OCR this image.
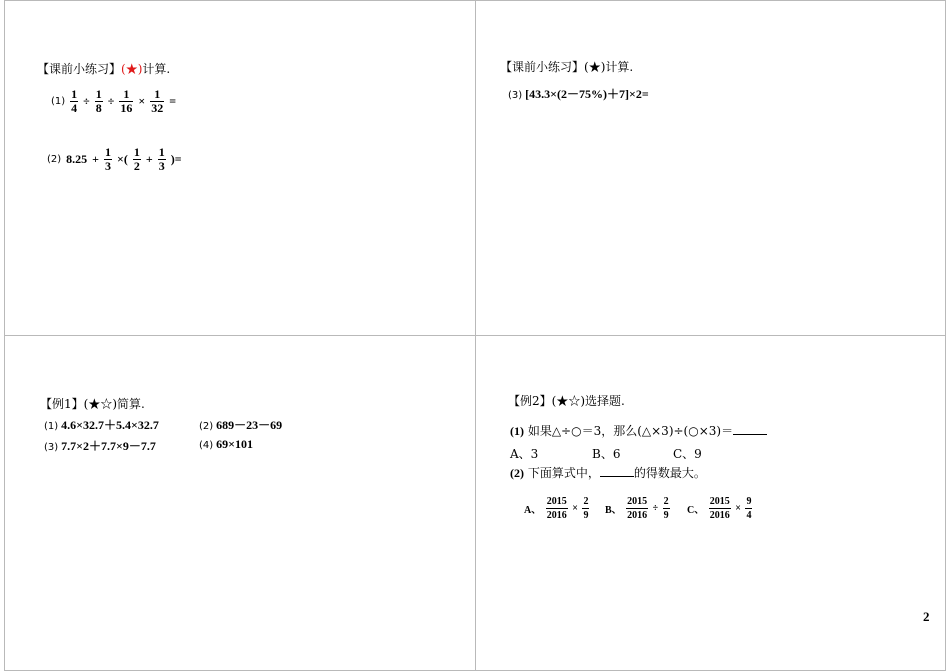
【课前小练习】(★)计算.
$(1) \frac{1}{4} \div \frac{1}{8} \div \frac{1}{16} \times \frac{1}{32}$ =
(2) $8.25 + \frac{1}{3}$ ×( $\frac{1}{2} + \frac{1}{3}$ )=
【课前小练习】(★)计算.
(3) [43.3×(2－75%)＋7]×2=
【例1】(★☆)简算.
(1) 4.6×32.7＋5.4×32.7	(2) 689－23－69
(3) 7.7×2＋7.7×9－7.7	(4) 69×101
【例2】(★☆)选择题.
(1) 如果△÷○＝3，那么(△×3)÷(○×3)＝
A、3	B、6	C、9
(2) 下面算式中，	的得数最大。
A、 $\frac{2015}{2016} \times \frac{2}{9}$ B、 $\frac{2015}{2016} \div \frac{2}{9}$ C、 $\frac{2015}{2016} \times \frac{9}{4}$
2
